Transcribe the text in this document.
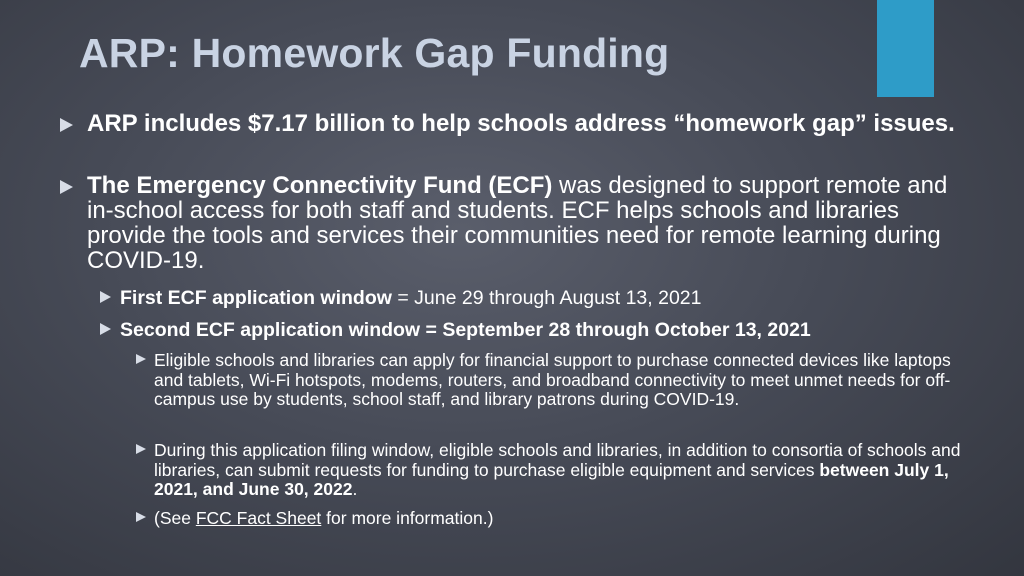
ARP: Homework Gap Funding
ARP includes $7.17 billion to help schools address “homework gap” issues.
The Emergency Connectivity Fund (ECF) was designed to support remote and in-school access for both staff and students. ECF helps schools and libraries provide the tools and services their communities need for remote learning during COVID-19.
First ECF application window = June 29 through August 13, 2021
Second ECF application window = September 28 through October 13, 2021
Eligible schools and libraries can apply for financial support to purchase connected devices like laptops and tablets, Wi-Fi hotspots, modems, routers, and broadband connectivity to meet unmet needs for off-campus use by students, school staff, and library patrons during COVID-19.
During this application filing window, eligible schools and libraries, in addition to consortia of schools and libraries, can submit requests for funding to purchase eligible equipment and services between July 1, 2021, and June 30, 2022.
(See FCC Fact Sheet for more information.)
